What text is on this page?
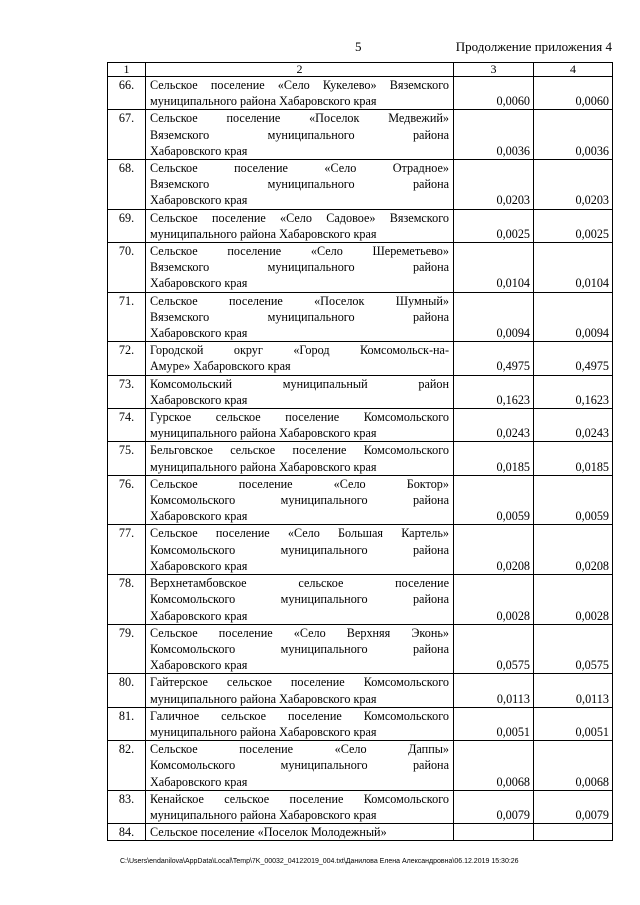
5	Продолжение приложения 4
1	2	3	4
66.	Сельское поселение «Село Кукелево» Вяземского
муниципального района Хабаровского края	0,0060	0,0060
67.	Сельское поселение «Поселок Медвежий»
Вяземского муниципального района
Хабаровского края	0,0036	0,0036
68.	Сельское поселение «Село Отрадное»
Вяземского муниципального района
Хабаровского края	0,0203	0,0203
69.	Сельское поселение «Село Садовое» Вяземского
муниципального района Хабаровского края	0,0025	0,0025
70.	Сельское поселение «Село Шереметьево»
Вяземского муниципального района
Хабаровского края	0,0104	0,0104
71.	Сельское поселение «Поселок Шумный»
Вяземского муниципального района
Хабаровского края	0,0094	0,0094
72.	Городской округ «Город Комсомольск-на-
Амуре» Хабаровского края	0,4975	0,4975
73.	Комсомольский муниципальный район
Хабаровского края	0,1623	0,1623
74.	Гурское сельское поселение Комсомольского
муниципального района Хабаровского края	0,0243	0,0243
75.	Бельговское сельское поселение Комсомольского
муниципального района Хабаровского края	0,0185	0,0185
76.	Сельское поселение «Село Боктор»
Комсомольского муниципального района
Хабаровского края	0,0059	0,0059
77.	Сельское поселение «Село Большая Картель»
Комсомольского муниципального района
Хабаровского края	0,0208	0,0208
78.	Верхнетамбовское сельское поселение
Комсомольского муниципального района
Хабаровского края	0,0028	0,0028
79.	Сельское поселение «Село Верхняя Эконь»
Комсомольского муниципального района
Хабаровского края	0,0575	0,0575
80.	Гайтерское сельское поселение Комсомольского
муниципального района Хабаровского края	0,0113	0,0113
81.	Галичное сельское поселение Комсомольского
муниципального района Хабаровского края	0,0051	0,0051
82.	Сельское поселение «Село Даппы»
Комсомольского муниципального района
Хабаровского края	0,0068	0,0068
83.	Кенайское сельское поселение Комсомольского
муниципального района Хабаровского края	0,0079	0,0079
84.	Сельское поселение «Поселок Молодежный»		

C:\Users\endanilova\AppData\Local\Temp\7K_00032_04122019_004.txt\Данилова Елена Александровна\06.12.2019 15:30:26
